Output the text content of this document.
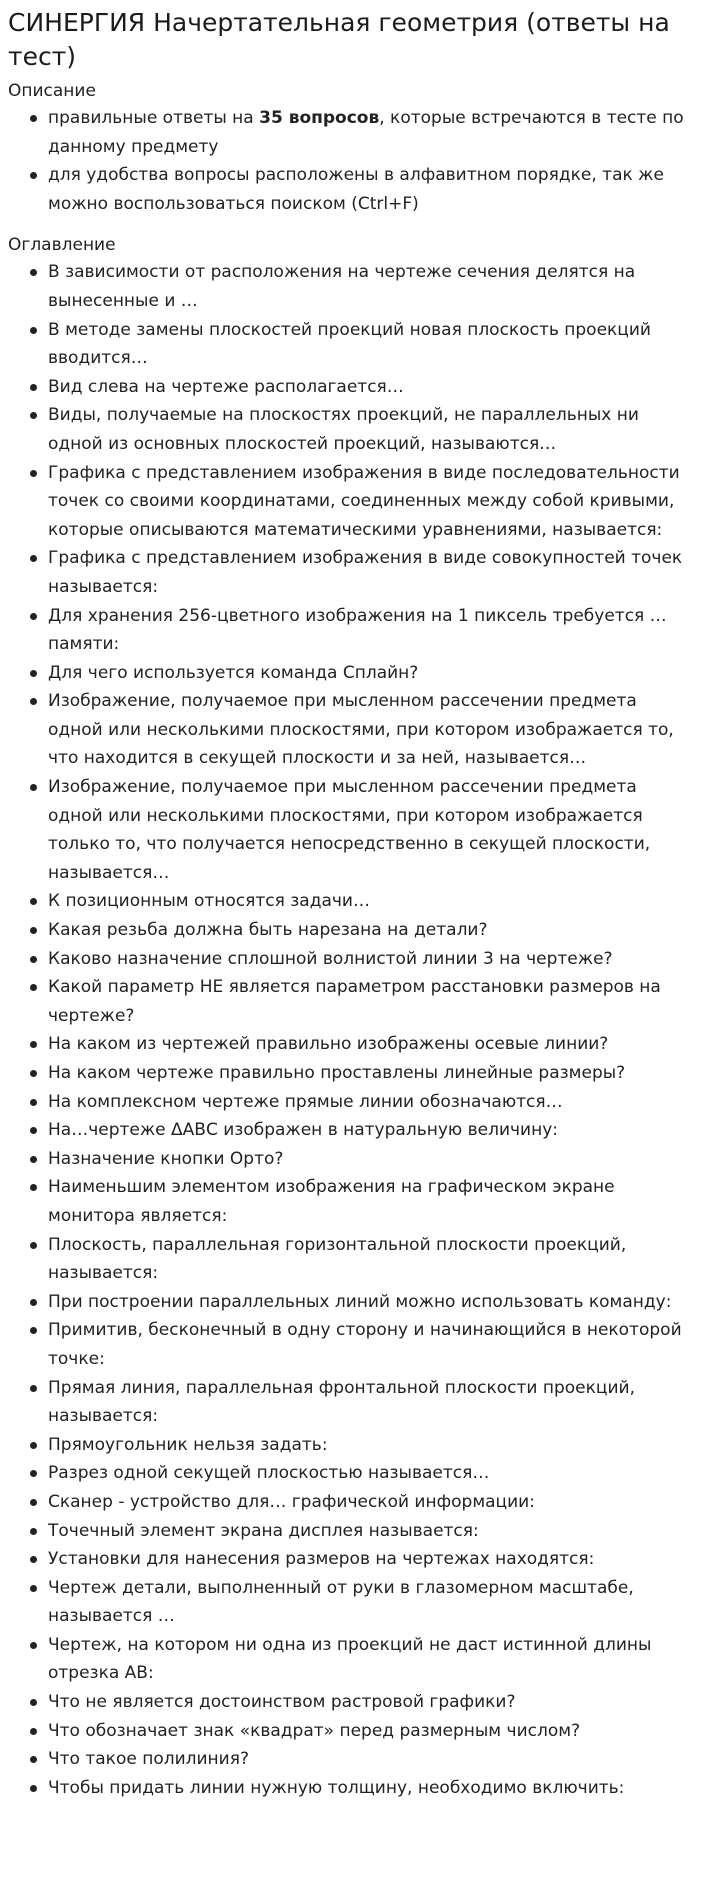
СИНЕРГИЯ Начертательная геометрия (ответы на тест)
Описание
правильные ответы на 35 вопросов, которые встречаются в тесте по данному предмету
для удобства вопросы расположены в алфавитном порядке, так же можно воспользоваться поиском (Ctrl+F)
Оглавление
В зависимости от расположения на чертеже сечения делятся на вынесенные и …
В методе замены плоскостей проекций новая плоскость проекций вводится…
Вид слева на чертеже располагается…
Виды, получаемые на плоскостях проекций, не параллельных ни одной из основных плоскостей проекций, называются…
Графика с представлением изображения в виде последовательности точек со своими координатами, соединенных между собой кривыми, которые описываются математическими уравнениями, называется:
Графика с представлением изображения в виде совокупностей точек называется:
Для хранения 256-цветного изображения на 1 пиксель требуется … памяти:
Для чего используется команда Сплайн?
Изображение, получаемое при мысленном рассечении предмета одной или несколькими плоскостями, при котором изображается то, что находится в секущей плоскости и за ней, называется…
Изображение, получаемое при мысленном рассечении предмета одной или несколькими плоскостями, при котором изображается только то, что получается непосредственно в секущей плоскости, называется…
К позиционным относятся задачи…
Какая резьба должна быть нарезана на детали?
Каково назначение сплошной волнистой линии 3 на чертеже?
Какой параметр НЕ является параметром расстановки размеров на чертеже?
На каком из чертежей правильно изображены осевые линии?
На каком чертеже правильно проставлены линейные размеры?
На комплексном чертеже прямые линии обозначаются…
На…чертеже ΔАВС изображен в натуральную величину:
Назначение кнопки Орто?
Наименьшим элементом изображения на графическом экране монитора является:
Плоскость, параллельная горизонтальной плоскости проекций, называется:
При построении параллельных линий можно использовать команду:
Примитив, бесконечный в одну сторону и начинающийся в некоторой точке:
Прямая линия, параллельная фронтальной плоскости проекций, называется:
Прямоугольник нельзя задать:
Разрез одной секущей плоскостью называется…
Сканер - устройство для… графической информации:
Точечный элемент экрана дисплея называется:
Установки для нанесения размеров на чертежах находятся:
Чертеж детали, выполненный от руки в глазомерном масштабе, называется …
Чертеж, на котором ни одна из проекций не даст истинной длины отрезка АВ:
Что не является достоинством растровой графики?
Что обозначает знак «квадрат» перед размерным числом?
Что такое полилиния?
Чтобы придать линии нужную толщину, необходимо включить:
